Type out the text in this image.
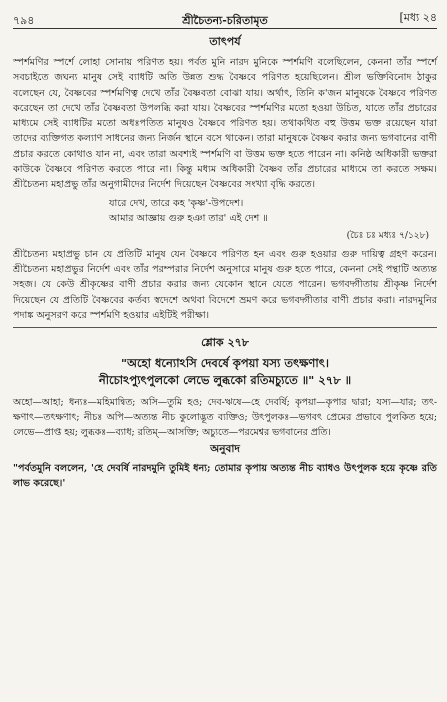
৭৯৪	শ্রীচৈতন্য-চরিতামৃত	[মধ্য ২৪
তাৎপর্য

স্পর্শমণির স্পর্শে লোহা সোনায় পরিণত হয়। পর্বত মুনি নারদ মুনিকে স্পর্শমণি বলেছিলেন, কেননা তাঁর স্পর্শে সবচাইতে জঘন্য মানুষ সেই ব্যাধটি অতি উন্নত শুদ্ধ বৈষ্ণবে পরিণত হয়েছিলেন। শ্রীল ভক্তিবিনোদ ঠাকুর বলেছেন যে, বৈষ্ণবের স্পর্শমণিত্ব দেখে তাঁর বৈষ্ণবতা বোঝা যায়। অর্থাৎ, তিনি ক'জন মানুষকে বৈষ্ণবে পরিণত করেছেন তা দেখে তাঁর বৈষ্ণবতা উপলব্ধি করা যায়। বৈষ্ণবের স্পর্শমণির মতো হওয়া উচিত, যাতে তাঁর প্রচারের মাধ্যমে সেই ব্যাধটির মতো অধঃপতিত মানুষও বৈষ্ণবে পরিণত হয়। তথাকথিত বহু উত্তম ভক্ত রয়েছেন যারা তাদের ব্যক্তিগত কল্যাণ সাধনের জন্য নির্জন স্থানে বসে থাকেন। তারা মানুষকে বৈষ্ণব করার জন্য ভগবানের বাণী প্রচার করতে কোথাও যান না, এবং তারা অবশ্যই স্পর্শমণি বা উত্তম ভক্ত হতে পারেন না। কনিষ্ঠ অধিকারী ভক্তরা কাউকে বৈষ্ণবে পরিণত করতে পারে না। কিন্তু মধ্যম অধিকারী বৈষ্ণব তাঁর প্রচারের মাধ্যমে তা করতে সক্ষম। শ্রীচৈতন্য মহাপ্রভু তাঁর অনুগামীদের নির্দেশ দিয়েছেন বৈষ্ণবের সংখ্যা বৃদ্ধি করতে।

যারে দেখ, তারে কহ 'কৃষ্ণ'-উপদেশ।
আমার আজ্ঞায় গুরু হঞা তার' এই দেশ ॥
(চৈঃ চঃ মধ্যঃ ৭/১২৮)

শ্রীচৈতন্য মহাপ্রভু চান যে প্রতিটি মানুষ যেন বৈষ্ণবে পরিণত হন এবং গুরু হওয়ার গুরু দায়িত্ব গ্রহণ করেন। শ্রীচৈতন্য মহাপ্রভুর নির্দেশ এবং তাঁর পরম্পরার নির্দেশ অনুসারে মানুষ গুরু হতে পারে, কেননা সেই পন্থাটি অত্যন্ত সহজ। যে কেউ শ্রীকৃষ্ণের বাণী প্রচার করার জন্য যেকোন স্থানে যেতে পারেন। ভগবদ্গীতায় শ্রীকৃষ্ণ নির্দেশ দিয়েছেন যে প্রতিটি বৈষ্ণবের কর্তব্য স্বদেশে অথবা বিদেশে ভ্রমণ করে ভগবদ্গীতার বাণী প্রচার করা। নারদমুনির পদাঙ্ক অনুসরণ করে স্পর্শমণি হওয়ার এইটিই পরীক্ষা।

শ্লোক ২৭৮
"অহো ধন্যোঽসি দেবর্ষে কৃপয়া যস্য তৎক্ষণাৎ।
নীচোঽপ্যুৎপুলকো লেভে লুব্ধকো রতিমচ্যুতে ॥" ২৭৮ ॥

অহো—আহা; ধন্যঃ—মহিমান্বিত; অসি—তুমি হও; দেব-ঋষে—হে দেবর্ষি; কৃপয়া—কৃপার দ্বারা; যস্য—যার; তৎ-ক্ষণাৎ—তৎক্ষণাৎ; নীচঃ অপি—অত্যন্ত নীচ কুলোদ্ভূত ব্যক্তিও; উৎপুলকঃ—ভগবৎ প্রেমের প্রভাবে পুলকিত হয়ে; লেভে—প্রাপ্ত হয়; লুব্ধকঃ—ব্যাধ; রতিম্—আসক্তি; অচ্যুতে—পরমেশ্বর ভগবানের প্রতি।

অনুবাদ

"পর্বতমুনি বললেন, 'হে দেবর্ষি নারদমুনি তুমিই ধন্য; তোমার কৃপায় অত্যন্ত নীচ ব্যাধও উৎপুলক হয়ে কৃষ্ণে রতি লাভ করেছে।'
